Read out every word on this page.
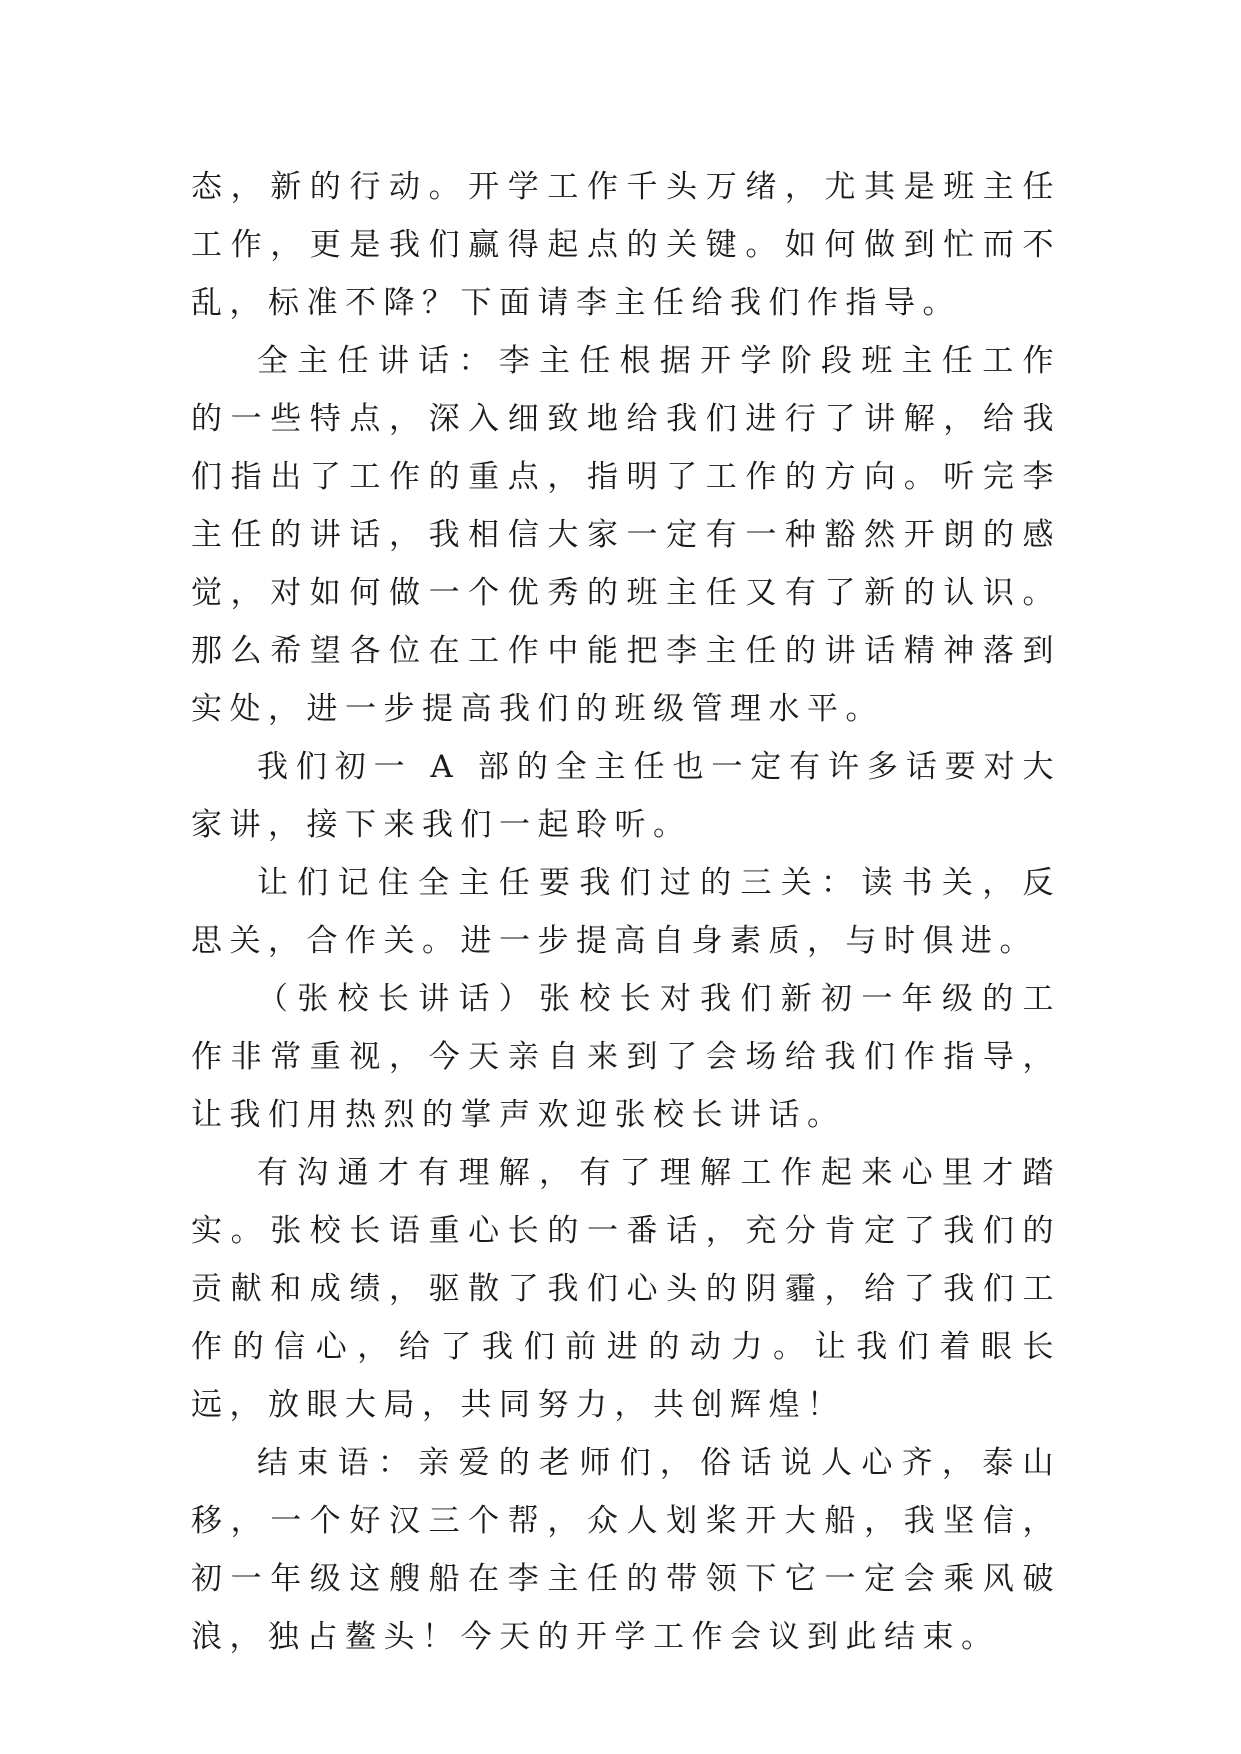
态，新的行动。开学工作千头万绪，尤其是班主任工作，更是我们赢得起点的关键。如何做到忙而不乱，标准不降？下面请李主任给我们作指导。

全主任讲话：李主任根据开学阶段班主任工作的一些特点，深入细致地给我们进行了讲解，给我们指出了工作的重点，指明了工作的方向。听完李主任的讲话，我相信大家一定有一种豁然开朗的感觉，对如何做一个优秀的班主任又有了新的认识。那么希望各位在工作中能把李主任的讲话精神落到实处，进一步提高我们的班级管理水平。

我们初一 A 部的全主任也一定有许多话要对大家讲，接下来我们一起聆听。

让们记住全主任要我们过的三关：读书关，反思关，合作关。进一步提高自身素质，与时俱进。

（张校长讲话）张校长对我们新初一年级的工作非常重视，今天亲自来到了会场给我们作指导，让我们用热烈的掌声欢迎张校长讲话。

有沟通才有理解，有了理解工作起来心里才踏实。张校长语重心长的一番话，充分肯定了我们的贡献和成绩，驱散了我们心头的阴霾，给了我们工作的信心，给了我们前进的动力。让我们着眼长远，放眼大局，共同努力，共创辉煌！

结束语：亲爱的老师们，俗话说人心齐，泰山移，一个好汉三个帮，众人划桨开大船，我坚信，初一年级这艘船在李主任的带领下它一定会乘风破浪，独占鳌头！今天的开学工作会议到此结束。
